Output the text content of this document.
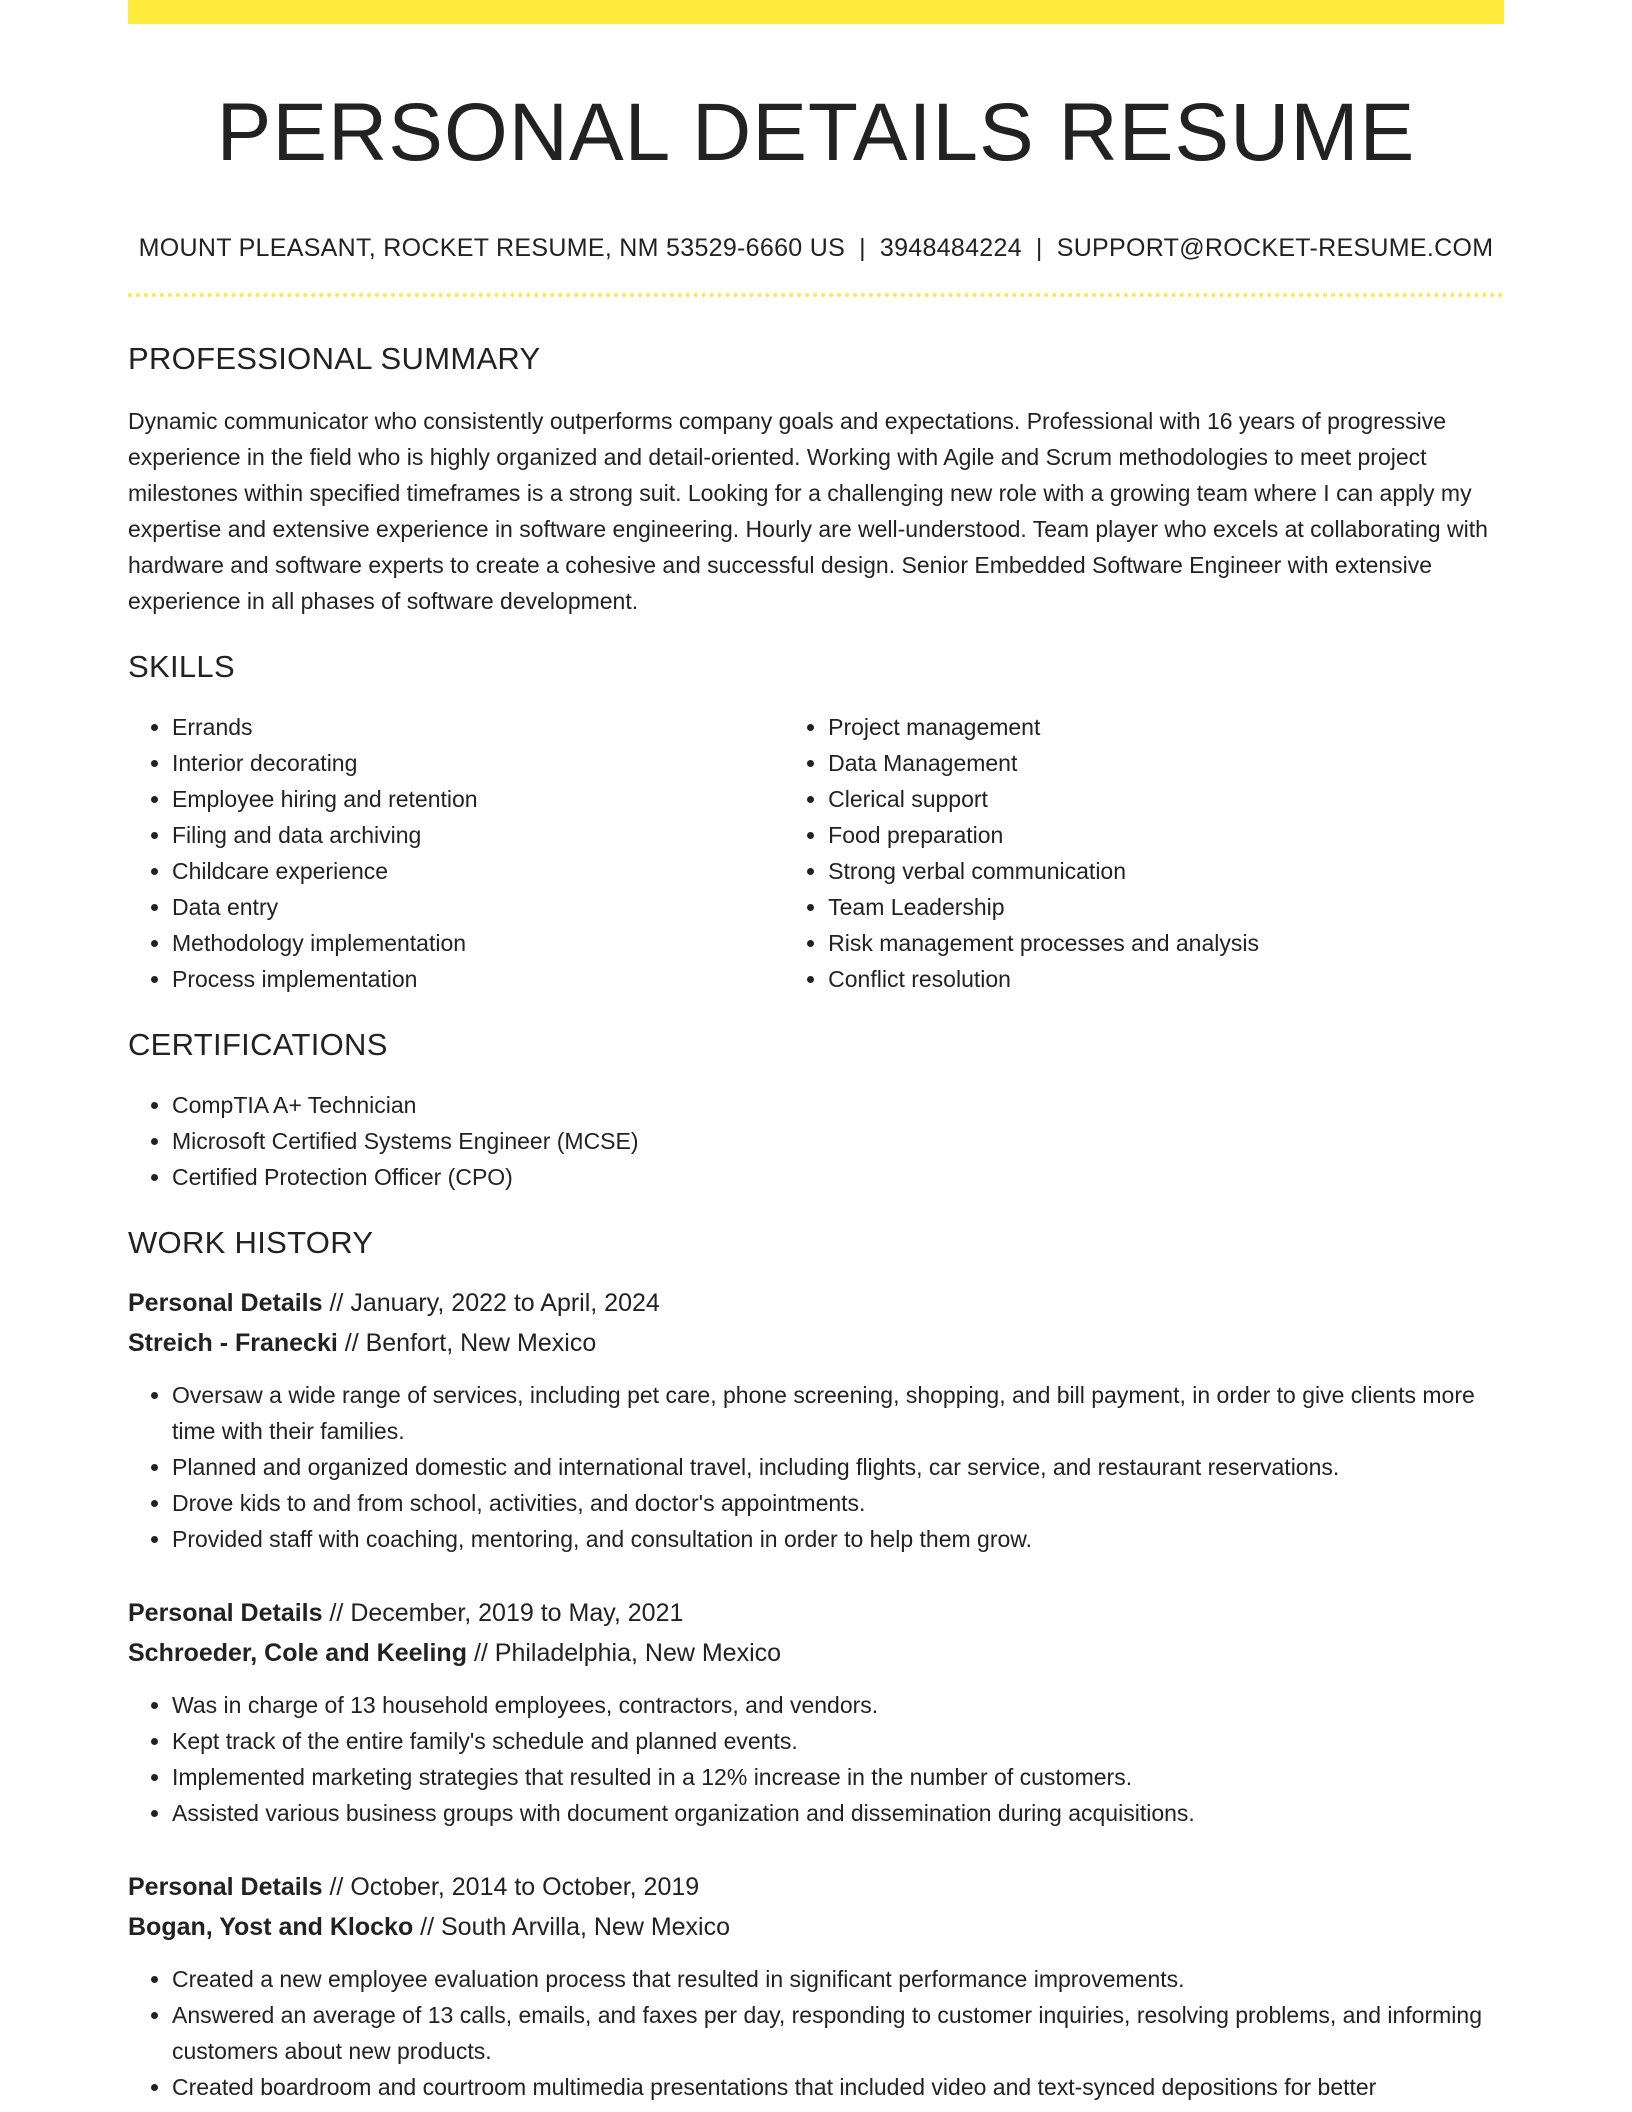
PERSONAL DETAILS RESUME
MOUNT PLEASANT, ROCKET RESUME, NM 53529-6660 US | 3948484224 | SUPPORT@ROCKET-RESUME.COM
PROFESSIONAL SUMMARY

Dynamic communicator who consistently outperforms company goals and expectations. Professional with 16 years of progressive experience in the field who is highly organized and detail-oriented. Working with Agile and Scrum methodologies to meet project milestones within specified timeframes is a strong suit. Looking for a challenging new role with a growing team where I can apply my expertise and extensive experience in software engineering. Hourly are well-understood. Team player who excels at collaborating with hardware and software experts to create a cohesive and successful design. Senior Embedded Software Engineer with extensive experience in all phases of software development.

SKILLS
• Errands
• Interior decorating
• Employee hiring and retention
• Filing and data archiving
• Childcare experience
• Data entry
• Methodology implementation
• Process implementation
• Project management
• Data Management
• Clerical support
• Food preparation
• Strong verbal communication
• Team Leadership
• Risk management processes and analysis
• Conflict resolution
CERTIFICATIONS
• CompTIA A+ Technician
• Microsoft Certified Systems Engineer (MCSE)
• Certified Protection Officer (CPO)
WORK HISTORY
Personal Details // January, 2022 to April, 2024
Streich - Franecki // Benfort, New Mexico
• Oversaw a wide range of services, including pet care, phone screening, shopping, and bill payment, in order to give clients more time with their families.
• Planned and organized domestic and international travel, including flights, car service, and restaurant reservations.
• Drove kids to and from school, activities, and doctor's appointments.
• Provided staff with coaching, mentoring, and consultation in order to help them grow.
Personal Details // December, 2019 to May, 2021
Schroeder, Cole and Keeling // Philadelphia, New Mexico
• Was in charge of 13 household employees, contractors, and vendors.
• Kept track of the entire family's schedule and planned events.
• Implemented marketing strategies that resulted in a 12% increase in the number of customers.
• Assisted various business groups with document organization and dissemination during acquisitions.
Personal Details // October, 2014 to October, 2019
Bogan, Yost and Klocko // South Arvilla, New Mexico
• Created a new employee evaluation process that resulted in significant performance improvements.
• Answered an average of 13 calls, emails, and faxes per day, responding to customer inquiries, resolving problems, and informing customers about new products.
• Created boardroom and courtroom multimedia presentations that included video and text-synced depositions for better
